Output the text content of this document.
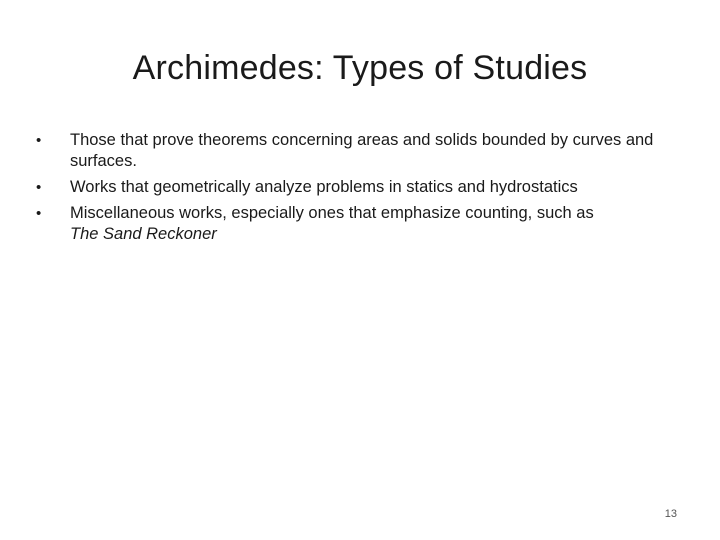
Archimedes: Types of Studies
•	Those that prove theorems concerning areas and solids bounded by curves and surfaces.
•	Works that geometrically analyze problems in statics and hydrostatics
•	Miscellaneous works, especially ones that emphasize counting, such as
The Sand Reckoner
13
